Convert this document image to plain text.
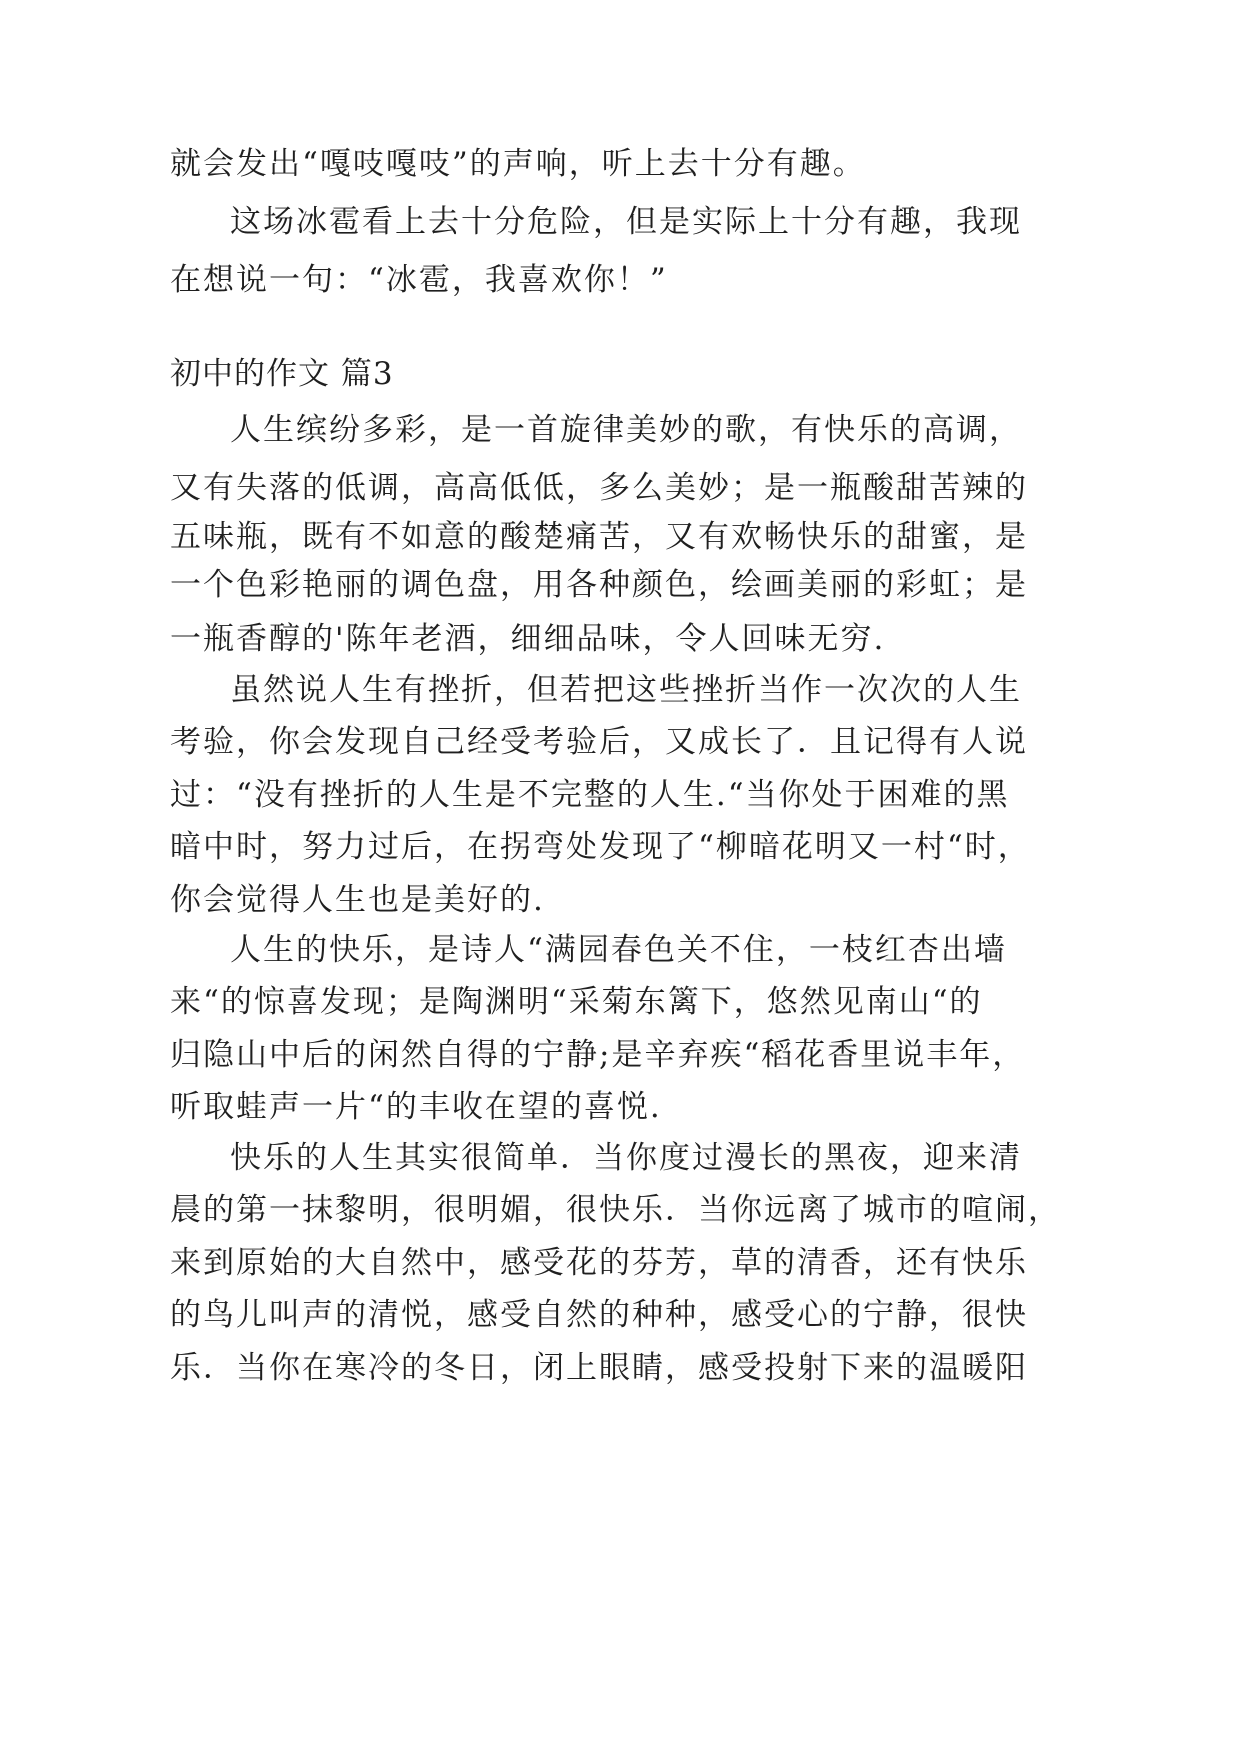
就会发出“嘎吱嘎吱”的声响，听上去十分有趣。

这场冰雹看上去十分危险，但是实际上十分有趣，我现

在想说一句：“冰雹，我喜欢你！”

初中的作文 篇3

人生缤纷多彩，是一首旋律美妙的歌，有快乐的高调，

又有失落的低调，高高低低，多么美妙；是一瓶酸甜苦辣的

五味瓶，既有不如意的酸楚痛苦，又有欢畅快乐的甜蜜，是

一个色彩艳丽的调色盘，用各种颜色，绘画美丽的彩虹；是

一瓶香醇的'陈年老酒，细细品味，令人回味无穷.

虽然说人生有挫折，但若把这些挫折当作一次次的人生

考验，你会发现自己经受考验后，又成长了．且记得有人说

过：“没有挫折的人生是不完整的人生.“当你处于困难的黑

暗中时，努力过后，在拐弯处发现了“柳暗花明又一村“时，

你会觉得人生也是美好的.

人生的快乐，是诗人“满园春色关不住，一枝红杏出墙

来“的惊喜发现；是陶渊明“采菊东篱下，悠然见南山“的

归隐山中后的闲然自得的宁静;是辛弃疾“稻花香里说丰年，

听取蛙声一片“的丰收在望的喜悦.

快乐的人生其实很简单．当你度过漫长的黑夜，迎来清

晨的第一抹黎明，很明媚，很快乐．当你远离了城市的喧闹，

来到原始的大自然中，感受花的芬芳，草的清香，还有快乐

的鸟儿叫声的清悦，感受自然的种种，感受心的宁静，很快

乐．当你在寒冷的冬日，闭上眼睛，感受投射下来的温暖阳
